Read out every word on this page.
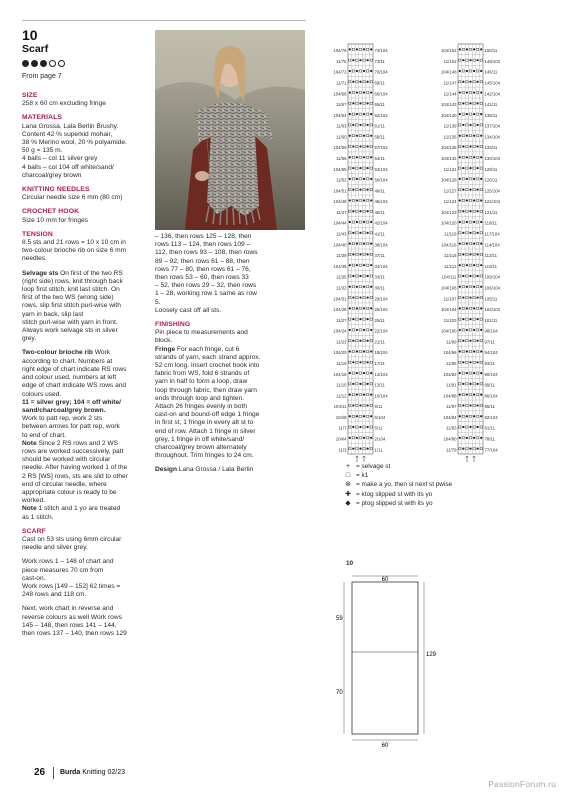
10
Scarf
From page 7
SIZE

258 x 60 cm excluding fringe

MATERIALS
Lana Grossa, Lala Berlin Brushy.
Content 42 % superkid mohair,
38 % Merino wool, 20 % polyamide.
50 g = 135 m.
4 balls – col 11 silver grey
4 balls – col 104 off white/sand/
charcoal/grey brown
KNITTING NEEDLES

Circular needle size 6 mm (80 cm)

CROCHET HOOK

Size 10 mm for fringes

TENSION
8.5 sts and 21 rows = 10 x 10 cm in
two-colour brioche rib on size 6 mm
needles.
Selvage sts On first of the two RS
(right side) rows, knit through back
loop first stitch, knit last stitch. On
first of the two WS (wrong side)
rows, slip first stitch purl-wise with
yarn in back, slip last
stitch purl-wise with yarn in front.
Always work selvage sts in silver
grey.
Two-colour brioche rib Work
according to chart. Numbers at
right edge of chart indicate RS rows
and colour used, numbers at left
edge of chart indicate WS rows and
colours used.
11 = silver grey; 104 = off white/
sand/charcoal/grey brown.
Work to patt rep, work 2 sts
between arrows for patt rep, work
to end of chart.
Note Since 2 RS rows and 2 WS
rows are worked successively, patt
should be worked with circular
needle. After having worked 1 of the
2 RS [WS] rows, sts are slid to other
end of circular needle, where
appropriate colour is ready to be
worked.
Note 1 stitch and 1 yo are treated
as 1 stitch.
SCARF
Cast on 53 sts using 6mm circular
needle and silver grey.
Work rows 1 – 148 of chart and
piece measures 70 cm from
cast-on.
Work rows [149 – 152] 62 times =
248 rows and 118 cm.
Next, work chart in reverse and
reverse colours as well Work rows
145 – 148, then rows 141 – 144,
then rows 137 – 140, then rows 129
– 136, then rows 125 – 128, then
rows 113 – 124, then rows 109 –
112, then rows 93 – 108, then rows
89 – 92, then rows 61 – 88, then
rows 77 – 80, then rows 61 – 76,
then rows 53 – 60, then rows 33
– 52, then rows 29 – 32, then rows
1 – 28, working row 1 same as row
5.
Loosely cast off all sts.
FINISHING
Pin piece to measurements and
block.
Fringe For each fringe, cut 6
strands of yarn, each strand approx.
52 cm long. Insert crochet hook into
fabric from WS, fold 6 strands of
yarn in half to form a loop, draw
loop through fabric, then draw yarn
ends through loop and tighten.
Attach 26 fringes evenly in both
cast-on and bound-off edge 1 fringe
in first st, 1 fringe in every alt st to
end of row. Attach 1 fringe in silver
grey, 1 fringe in off white/sand/
charcoal/grey brown alternately
throughout. Trim fringes to 24 cm.
Design Lana Grossa / Lala Berlin
104/76
11/75
104/72
11/71
104/68
11/67
104/64
11/63
11/60
104/59
11/56
104/55
11/52
104/51
104/48
11/47
104/44
11/43
104/40
11/39
104/36
11/35
11/32
104/31
104/28
11/27
104/24
11/23
104/20
11/19
104/16
11/15
11/12
104/11
104/8
11/7
104/4
11/3
74/104
73/11
70/104
69/11
66/104
65/11
62/104
61/11
58/11
57/104
54/11
53/104
50/104
49/11
46/104
45/11
42/104
41/11
38/104
37/11
34/104
33/11
30/11
29/104
26/104
25/11
22/104
21/11
18/104
17/11
14/104
13/11
10/104
9/11
6/104
5/11
2/104
1/11
104/152
11/151
104/148
11/147
11/144
104/143
104/140
11/139
11/136
104/135
104/132
11/131
104/128
11/127
11/124
104/123
104/120
11/119
104/116
11/115
11/112
104/111
104/108
11/107
104/104
11/103
104/100
11/99
104/96
11/95
104/92
11/91
104/88
11/87
104/84
11/83
104/80
11/79
150/11
149/104
146/11
145/104
142/104
141/11
138/11
137/104
134/104
133/11
130/104
129/11
126/11
125/104
122/104
121/11
118/11
117/104
114/104
113/11
110/11
109/104
106/104
105/11
102/104
101/11
98/104
97/11
94/104
93/11
90/104
89/11
86/104
85/11
82/104
81/11
78/11
77/104
+ = selvage st
□ = k1
⊛ = make a yo, then sl next st pwise
✚ = ktog slipped st with its yo
◆ = ptog slipped st with its yo
10
60
60
59
70
129
26 Burda Knitting 02/23
PassionForum.ru
